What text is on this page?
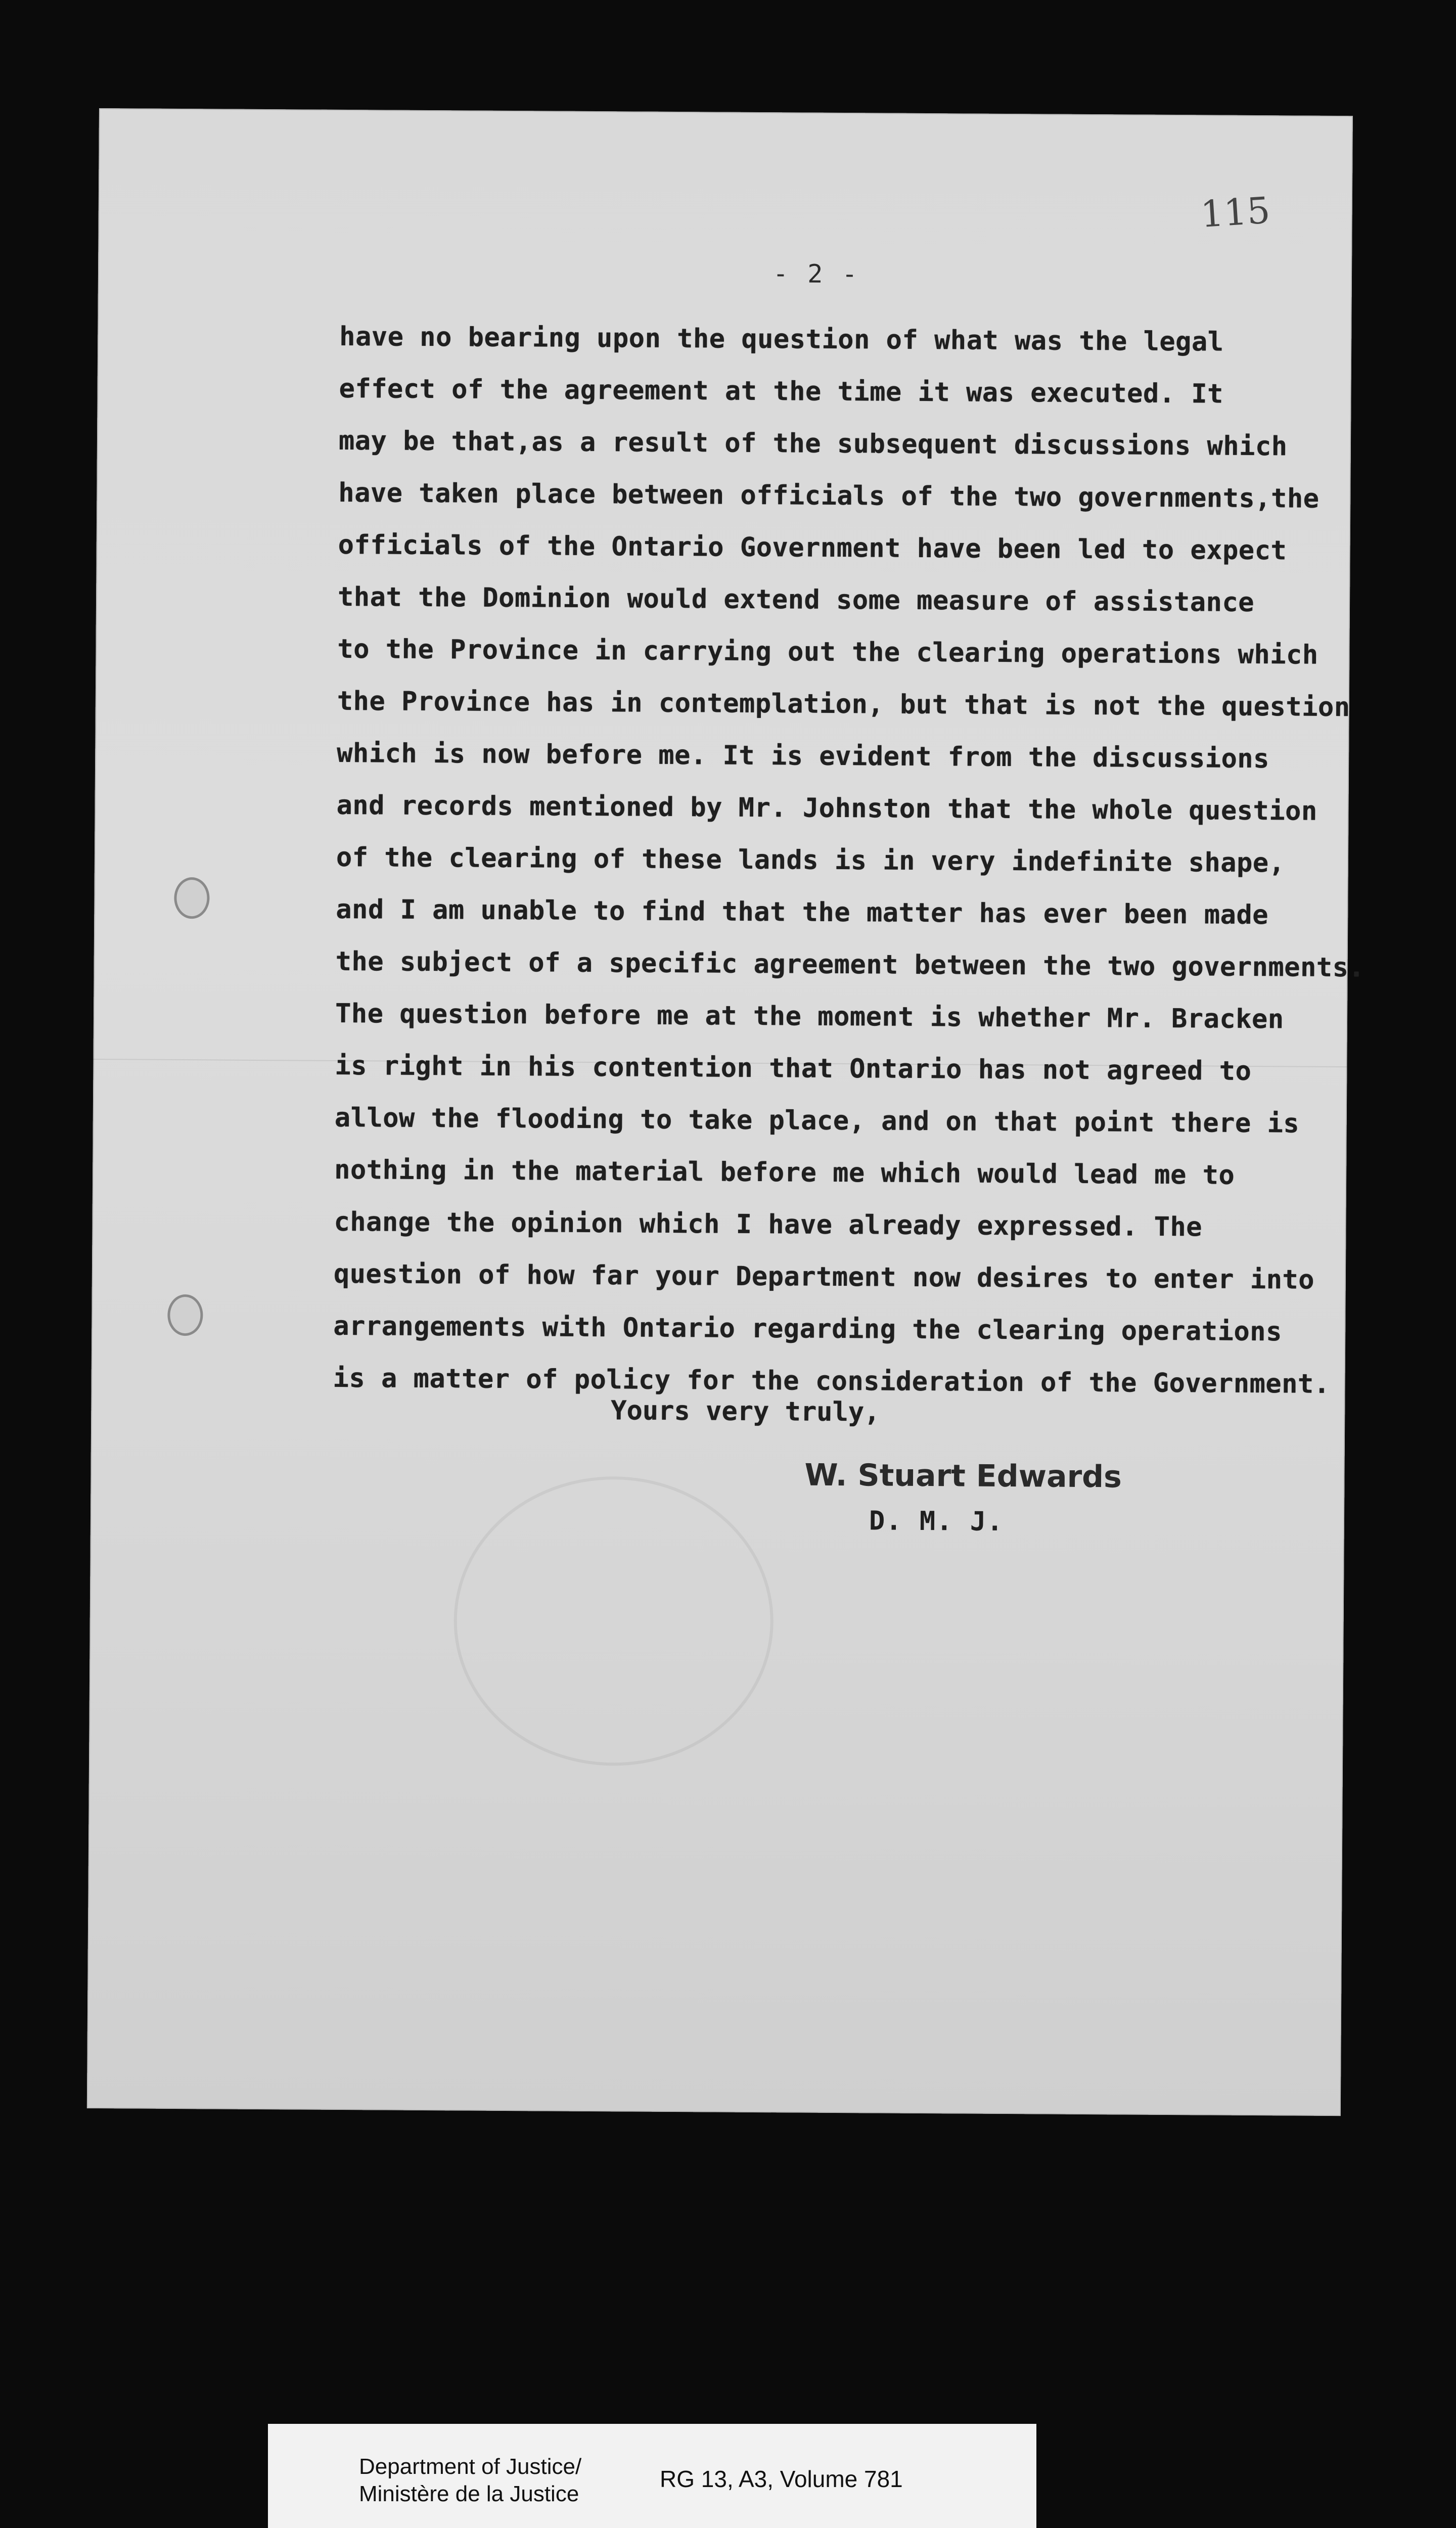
115
- 2 -
have no bearing upon the question of what was the legal
effect of the agreement at the time it was executed. It
may be that,as a result of the subsequent discussions which
have taken place between officials of the two governments,the
officials of the Ontario Government have been led to expect
that the Dominion would extend some measure of assistance
to the Province in carrying out the clearing operations which
the Province has in contemplation, but that is not the question
which is now before me. It is evident from the discussions
and records mentioned by Mr. Johnston that the whole question
of the clearing of these lands is in very indefinite shape,
and I am unable to find that the matter has ever been made
the subject of a specific agreement between the two governments.
The question before me at the moment is whether Mr. Bracken
is right in his contention that Ontario has not agreed to
allow the flooding to take place, and on that point there is
nothing in the material before me which would lead me to
change the opinion which I have already expressed. The
question of how far your Department now desires to enter into
arrangements with Ontario regarding the clearing operations
is a matter of policy for the consideration of the Government.
Yours very truly,
W. Stuart Edwards
D. M. J.
Department of Justice/
Ministère de la Justice
RG 13, A3, Volume 781
